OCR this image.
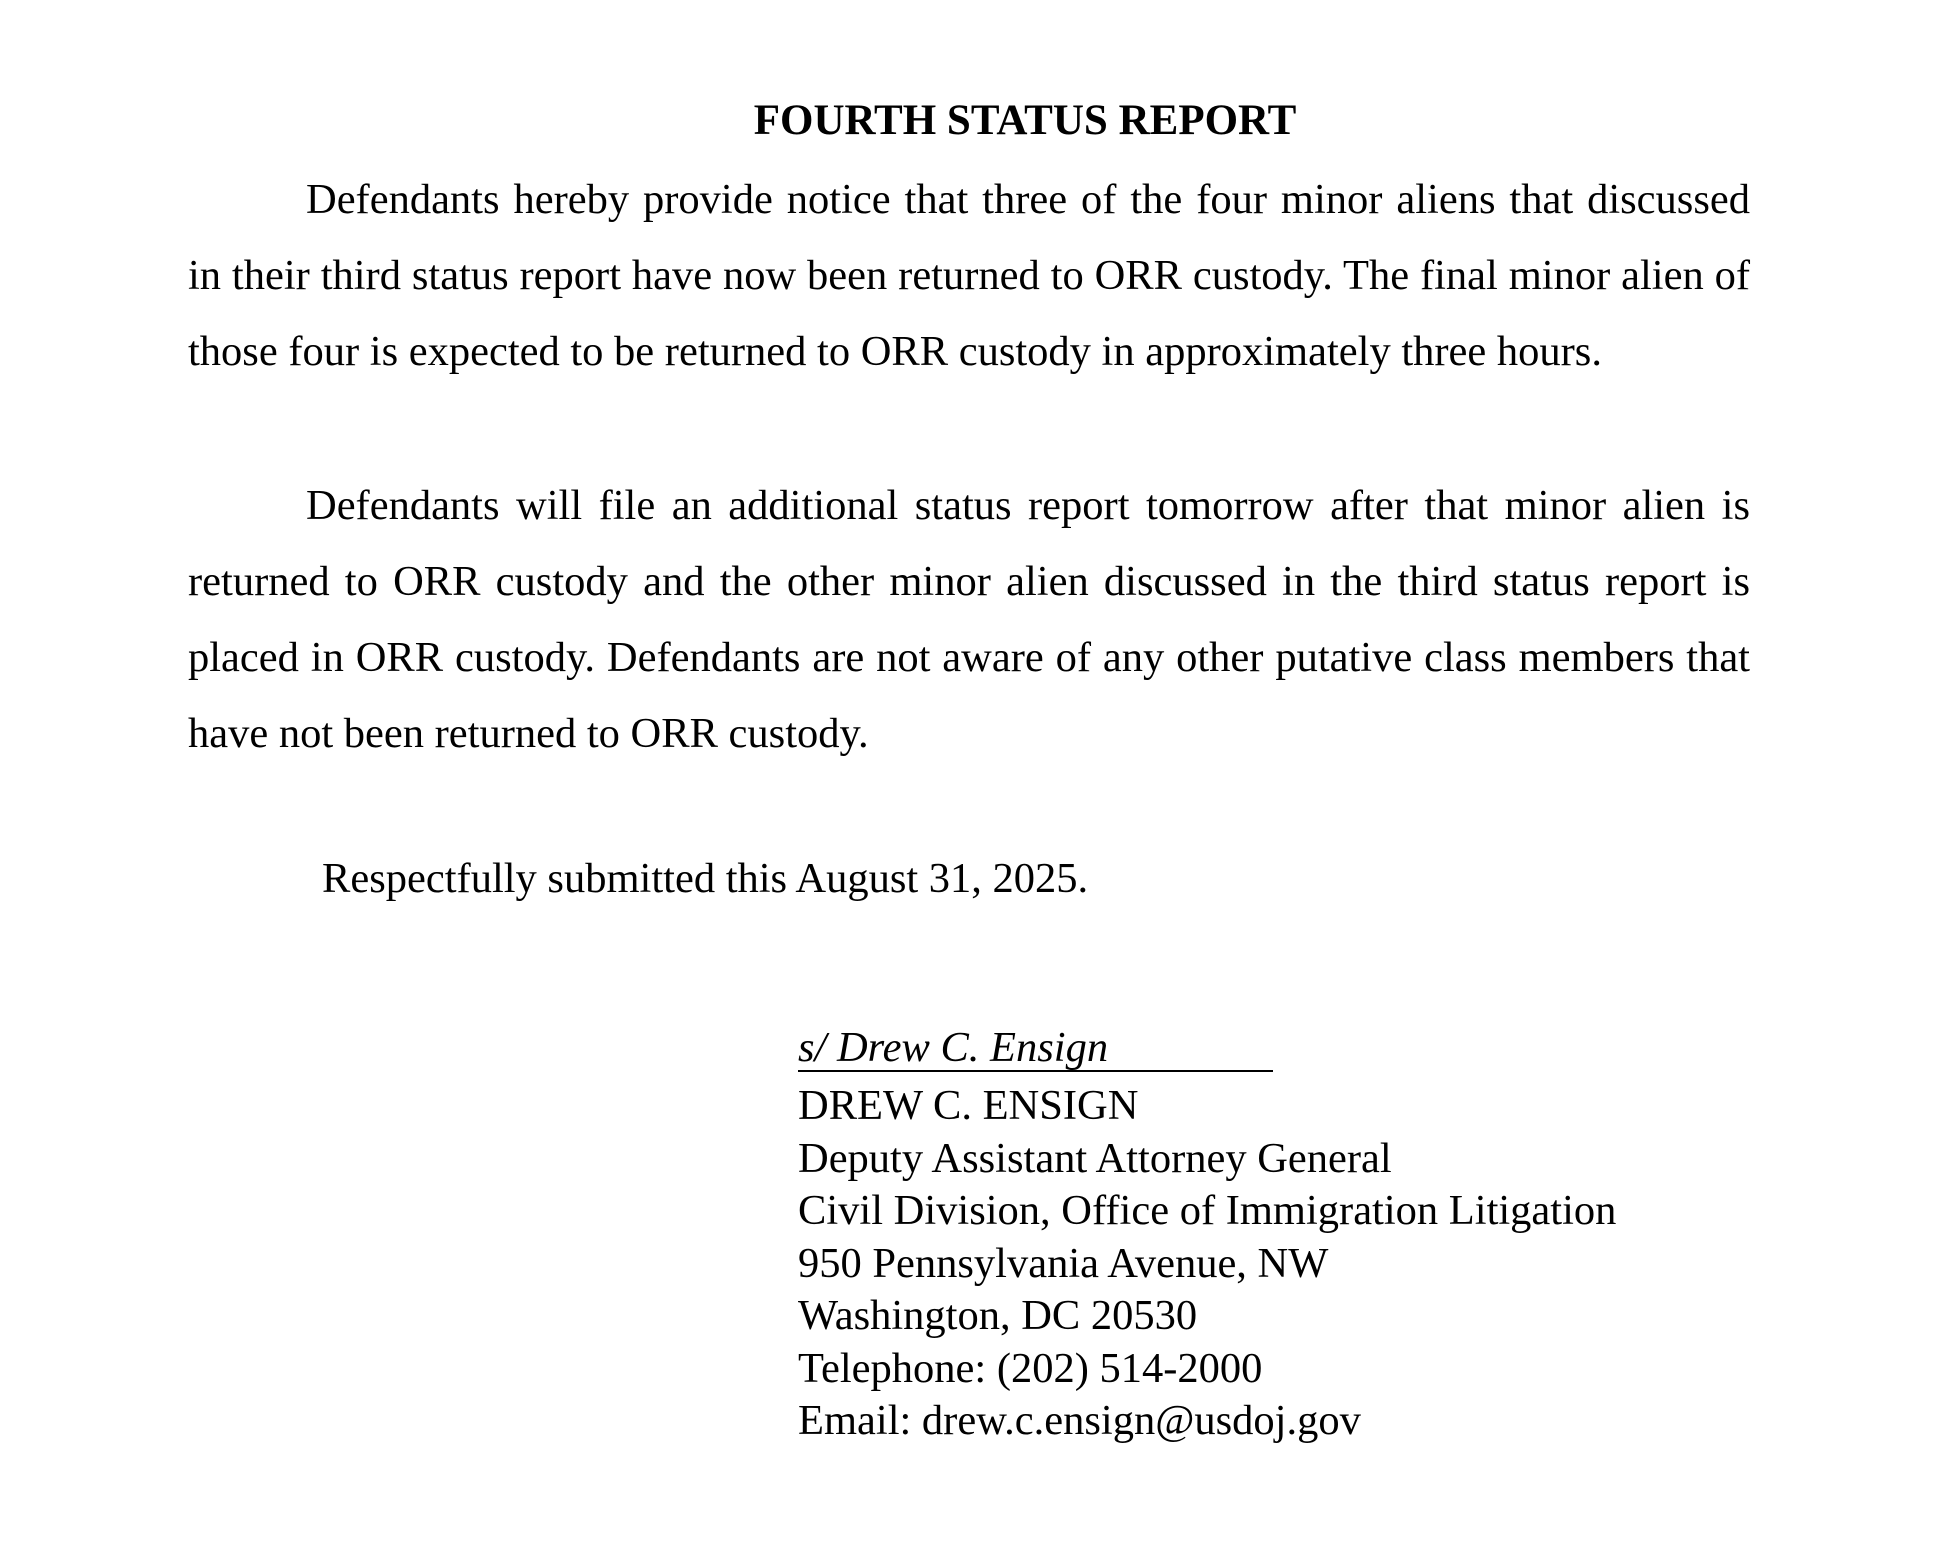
FOURTH STATUS REPORT

Defendants hereby provide notice that three of the four minor aliens that discussed in their third status report have now been returned to ORR custody. The final minor alien of those four is expected to be returned to ORR custody in approximately three hours.

Defendants will file an additional status report tomorrow after that minor alien is returned to ORR custody and the other minor alien discussed in the third status report is placed in ORR custody. Defendants are not aware of any other putative class members that have not been returned to ORR custody.

Respectfully submitted this August 31, 2025.

s/ Drew C. Ensign
DREW C. ENSIGN
Deputy Assistant Attorney General
Civil Division, Office of Immigration Litigation
950 Pennsylvania Avenue, NW
Washington, DC 20530
Telephone: (202) 514-2000
Email: drew.c.ensign@usdoj.gov
